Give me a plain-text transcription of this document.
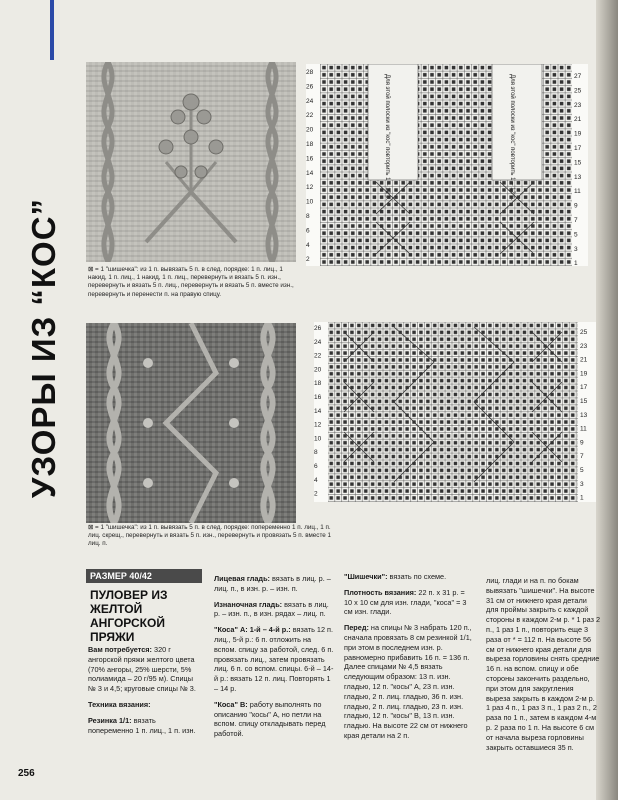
УЗОРЫ ИЗ “КОС”
Для этой полоски из "кос" повторить 1 – 12 р.	Для этой полоски из "кос" повторить 1 – 12 р.
28
26
24
22
20
18
16
14
12
10
8
6
4
2
27
25
23
21
19
17
15
13
11
9
7
5
3
1
⊠ = 1 "шишечка": из 1 п. вывязать 5 п. в след. порядке: 1 п. лиц., 1 накид, 1 п. лиц., 1 накид, 1 п. лиц., перевернуть и вязать 5 п. изн., перевернуть и вязать 5 п. лиц., перевернуть и вязать 5 п. вместе изн., перевернуть и перенести п. на правую спицу.
26
24
22
20
18
16
14
12
10
8
6
4
2
25
23
21
19
17
15
13
11
9
7
5
3
1
⊠ = 1 "шишечка": из 1 п. вывязать 5 п. в след. порядке: попеременно 1 п. лиц., 1 п. лиц. скрещ., перевернуть и вязать 5 п. изн., перевернуть и провязать 5 п. вместе 1 лиц. п.
РАЗМЕР 40/42
ПУЛОВЕР ИЗ ЖЕЛТОЙ АНГОРСКОЙ ПРЯЖИ

Вам потребуется: 320 г ангорской пряжи желтого цвета (70% ангоры, 25% шерсти, 5% полиамида – 20 г/95 м). Спицы № 3 и 4,5; круговые спицы № 3.

Техника вязания:

Резинка 1/1: вязать попеременно 1 п. лиц., 1 п. изн.

Лицевая гладь: вязать в лиц. р. – лиц. п., в изн. р. – изн. п.

Изнаночная гладь: вязать в лиц. р. – изн. п., в изн. рядах – лиц. п.

"Коса" А: 1-й – 4-й р.: вязать 12 п. лиц., 5-й р.: 6 п. отложить на вспом. спицу за работой, след. 6 п. провязать лиц., затем провязать лиц. 6 п. со вспом. спицы. 6-й – 14-й р.: вязать 12 п. лиц. Повторять 1 – 14 р.

"Коса" В: работу выполнять по описанию "косы" А, но петли на вспом. спицу откладывать перед работой.

"Шишечки": вязать по схеме.

Плотность вязания: 22 п. х 31 р. = 10 х 10 см для изн. глади, "коса" = 3 см изн. глади.

Перед: на спицы № 3 набрать 120 п., сначала провязать 8 см резинкой 1/1, при этом в последнем изн. р. равномерно прибавить 16 п. = 136 п. Далее спицами № 4,5 вязать следующим образом: 13 п. изн. гладью, 12 п. "косы" А, 23 п. изн. гладью, 2 п. лиц. гладью, 36 п. изн. гладью, 2 п. лиц. гладью, 23 п. изн. гладью, 12 п. "косы" В, 13 п. изн. гладью. На высоте 22 см от нижнего края детали на 2 п.

лиц. глади и на п. по бокам вывязать "шишечки". На высоте 31 см от нижнего края детали для проймы закрыть с каждой стороны в каждом 2-м р. * 1 раз 2 п., 1 раз 1 п., повторить еще 3 раза от * = 112 п. На высоте 56 см от нижнего края детали для выреза горловины снять средние 16 п. на вспом. спицу и обе стороны закончить раздельно, при этом для закругления выреза закрыть в каждом 2-м р. 1 раз 4 п., 1 раз 3 п., 1 раз 2 п., 2 раза по 1 п., затем в каждом 4-м р. 2 раза по 1 п. На высоте 6 см от начала выреза горловины закрыть оставшиеся 35 п.

256
